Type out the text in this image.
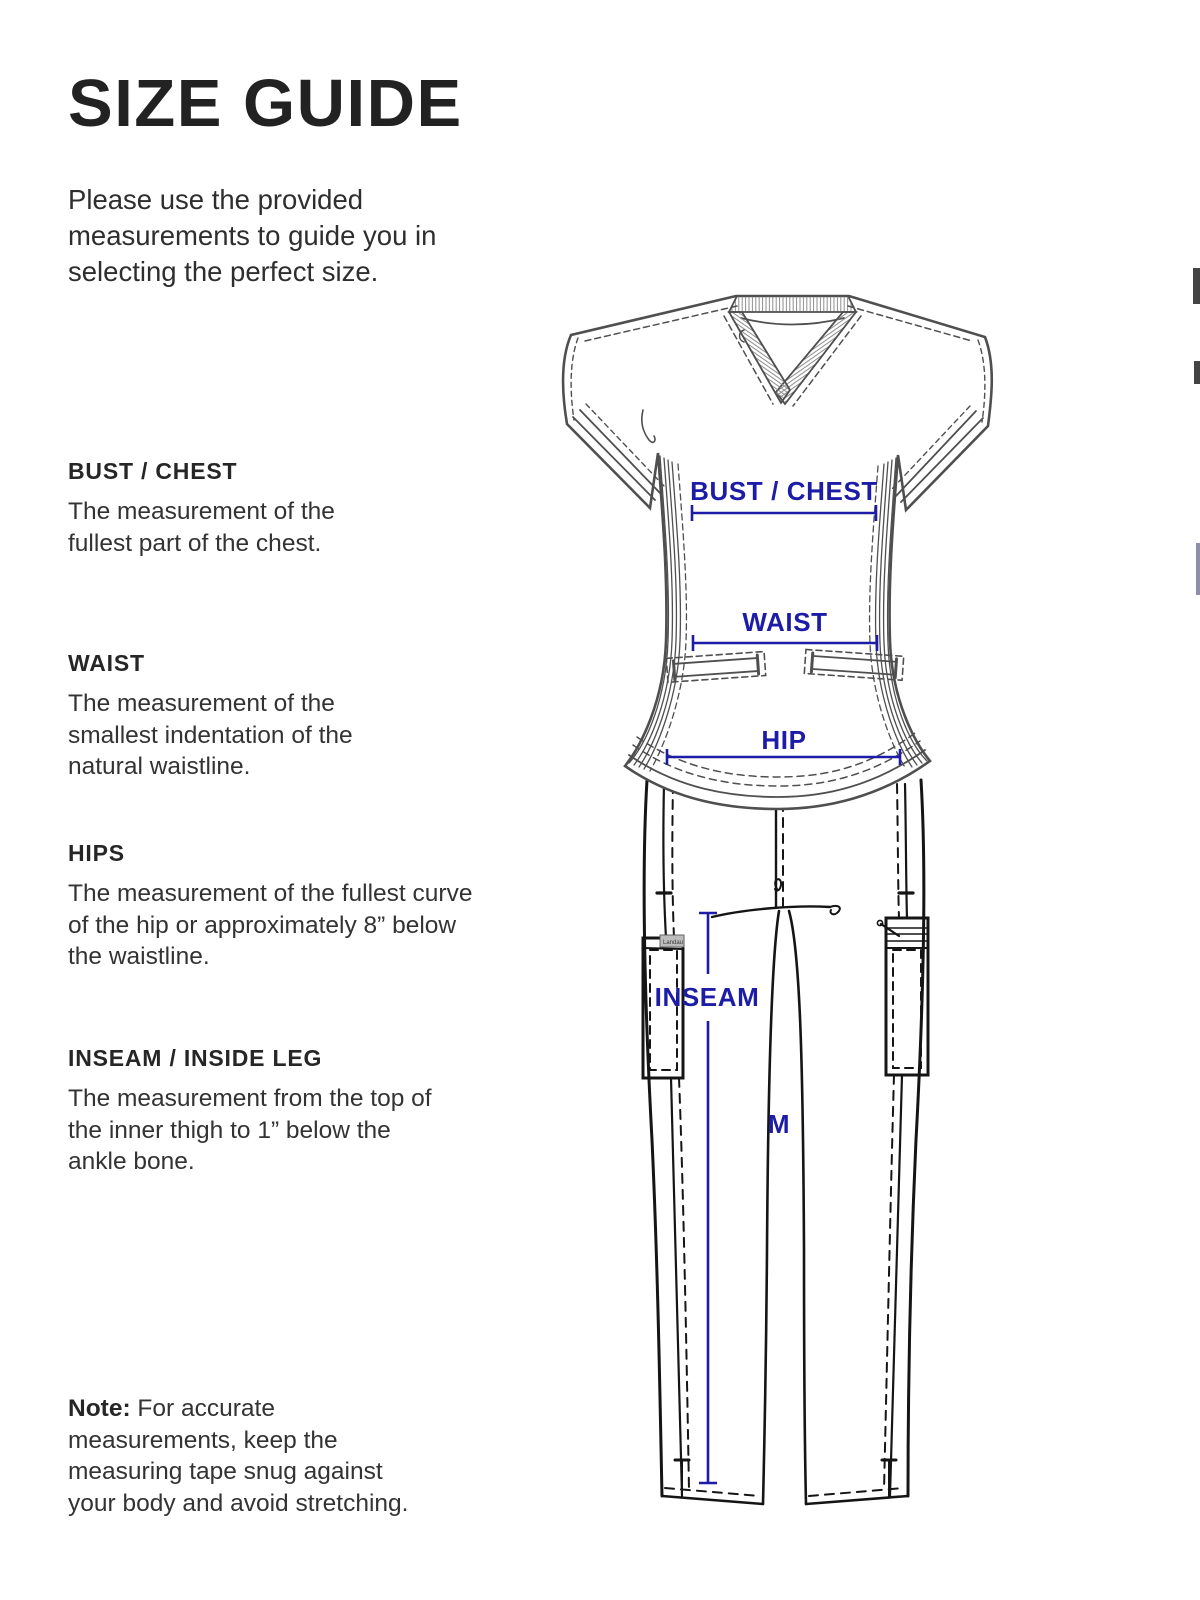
SIZE GUIDE
Please use the provided measurements to guide you in selecting the perfect size.
BUST / CHEST

The measurement of the fullest part of the chest.

WAIST

The measurement of the smallest indentation of the natural waistline.

HIPS

The measurement of the fullest curve of the hip or approximately 8” below the waistline.

INSEAM / INSIDE LEG

The measurement from the top of the inner thigh to 1” below the ankle bone.

Note: For accurate measurements, keep the measuring tape snug against your body and avoid stretching.
Landau
BUST / CHEST
WAIST
HIP
INSEAM
M
